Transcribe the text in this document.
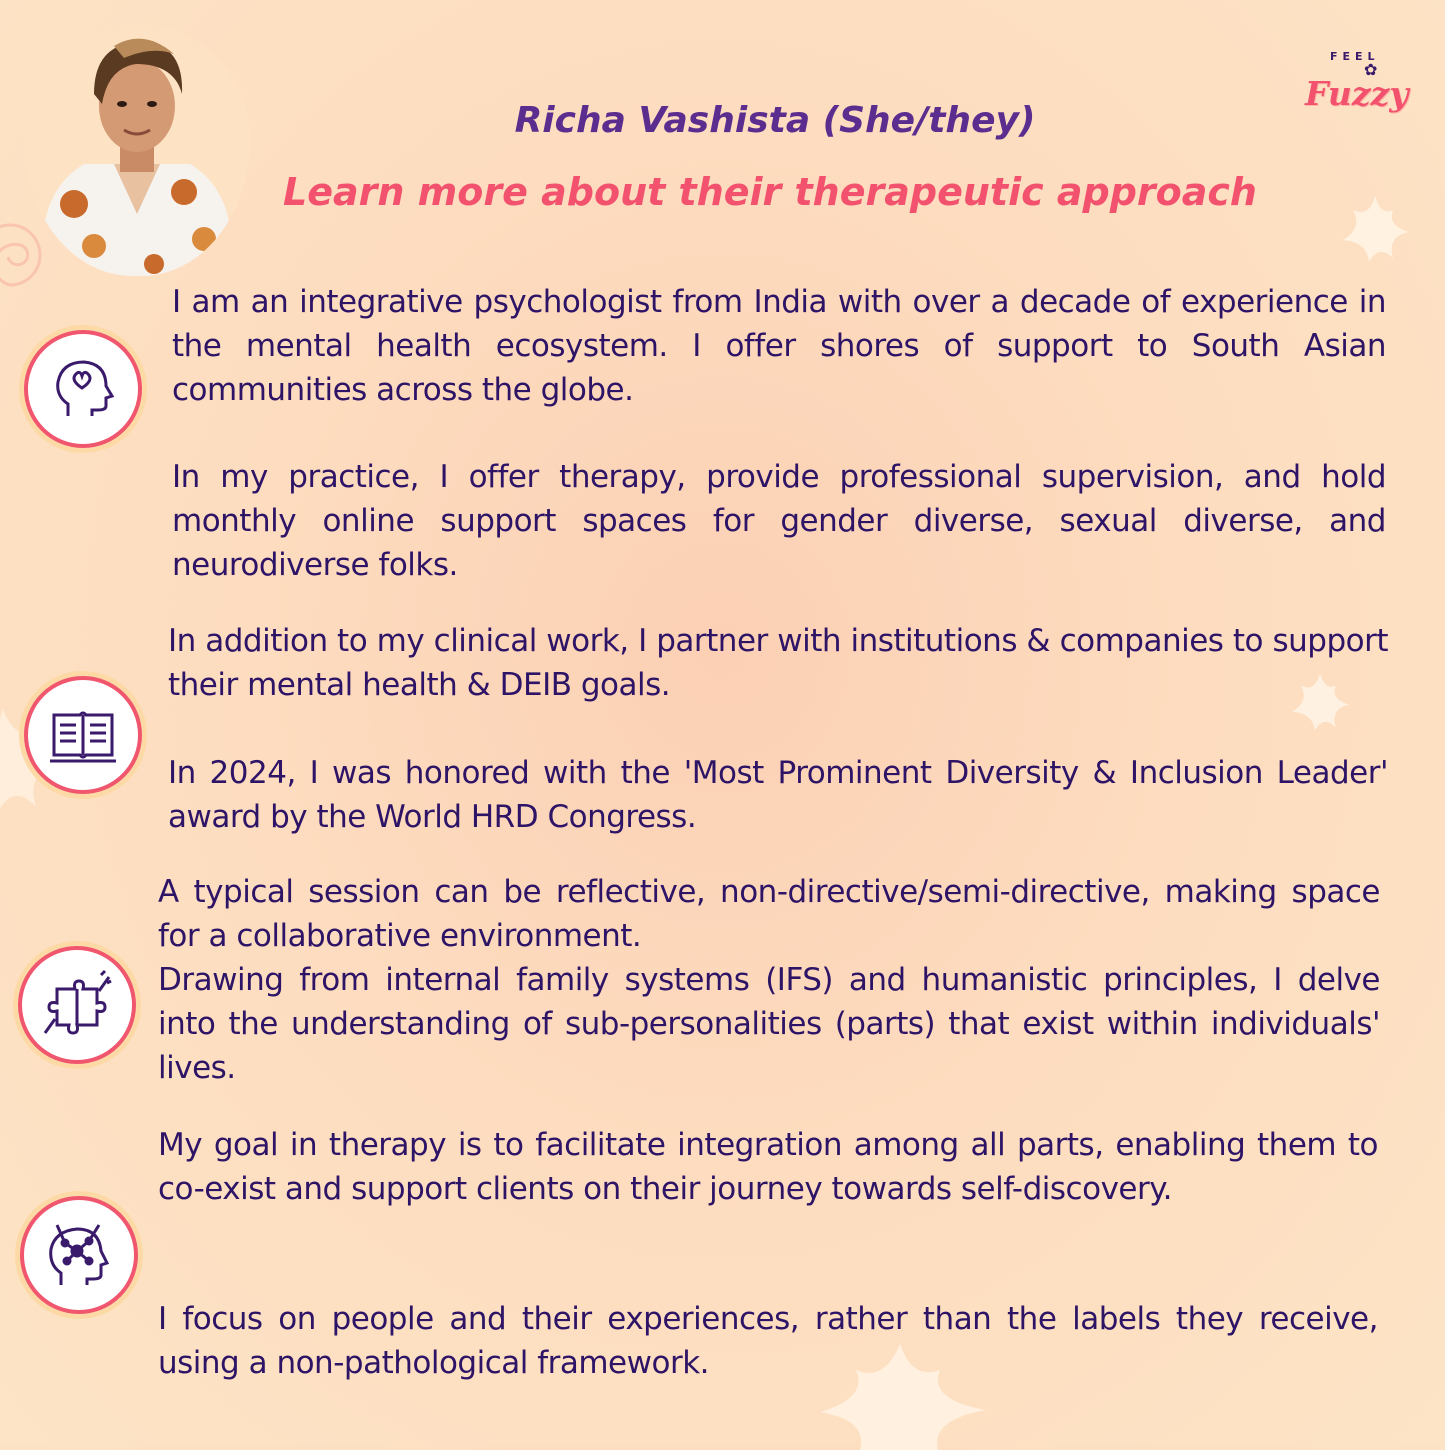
FEEL
✿
Fuzzy
Richa Vashista (She/they)
Learn more about their therapeutic approach

I am an integrative psychologist from India with over a decade of experience in the mental health ecosystem. I offer shores of support to South Asian communities across the globe.

In my practice, I offer therapy, provide professional supervision, and hold monthly online support spaces for gender diverse, sexual diverse, and neurodiverse folks.

In addition to my clinical work, I partner with institutions & companies to support their mental health & DEIB goals.

In 2024, I was honored with the 'Most Prominent Diversity & Inclusion Leader' award by the World HRD Congress.

A typical session can be reflective, non-directive/semi-directive, making space for a collaborative environment.

Drawing from internal family systems (IFS) and humanistic principles, I delve into the understanding of sub-personalities (parts) that exist within individuals' lives.

My goal in therapy is to facilitate integration among all parts, enabling them to co-exist and support clients on their journey towards self-discovery.

I focus on people and their experiences, rather than the labels they receive, using a non-pathological framework.
